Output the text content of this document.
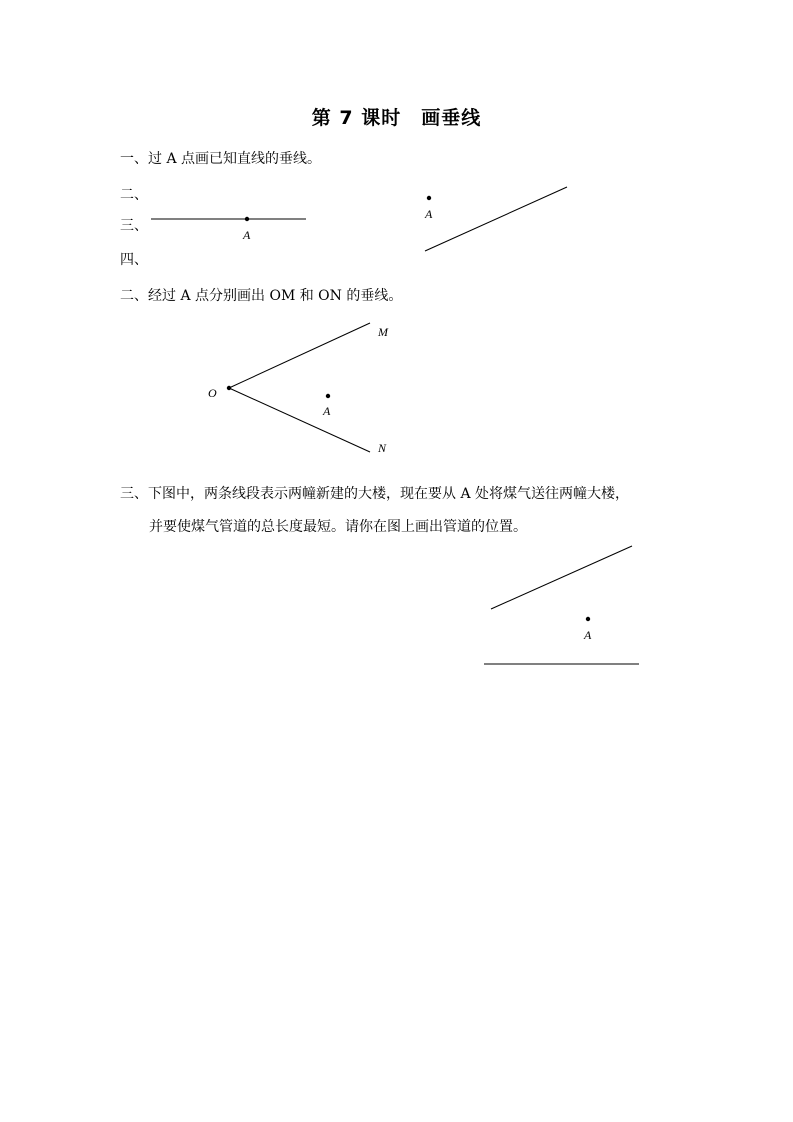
第 7 课时　画垂线
一、过 A 点画已知直线的垂线。
二、
三、
四、
二、经过 A 点分别画出 OM 和 ON 的垂线。
三、下图中，两条线段表示两幢新建的大楼，现在要从 A 处将煤气送往两幢大楼，
并要使煤气管道的总长度最短。请你在图上画出管道的位置。
A
A
O
M
N
A
A
